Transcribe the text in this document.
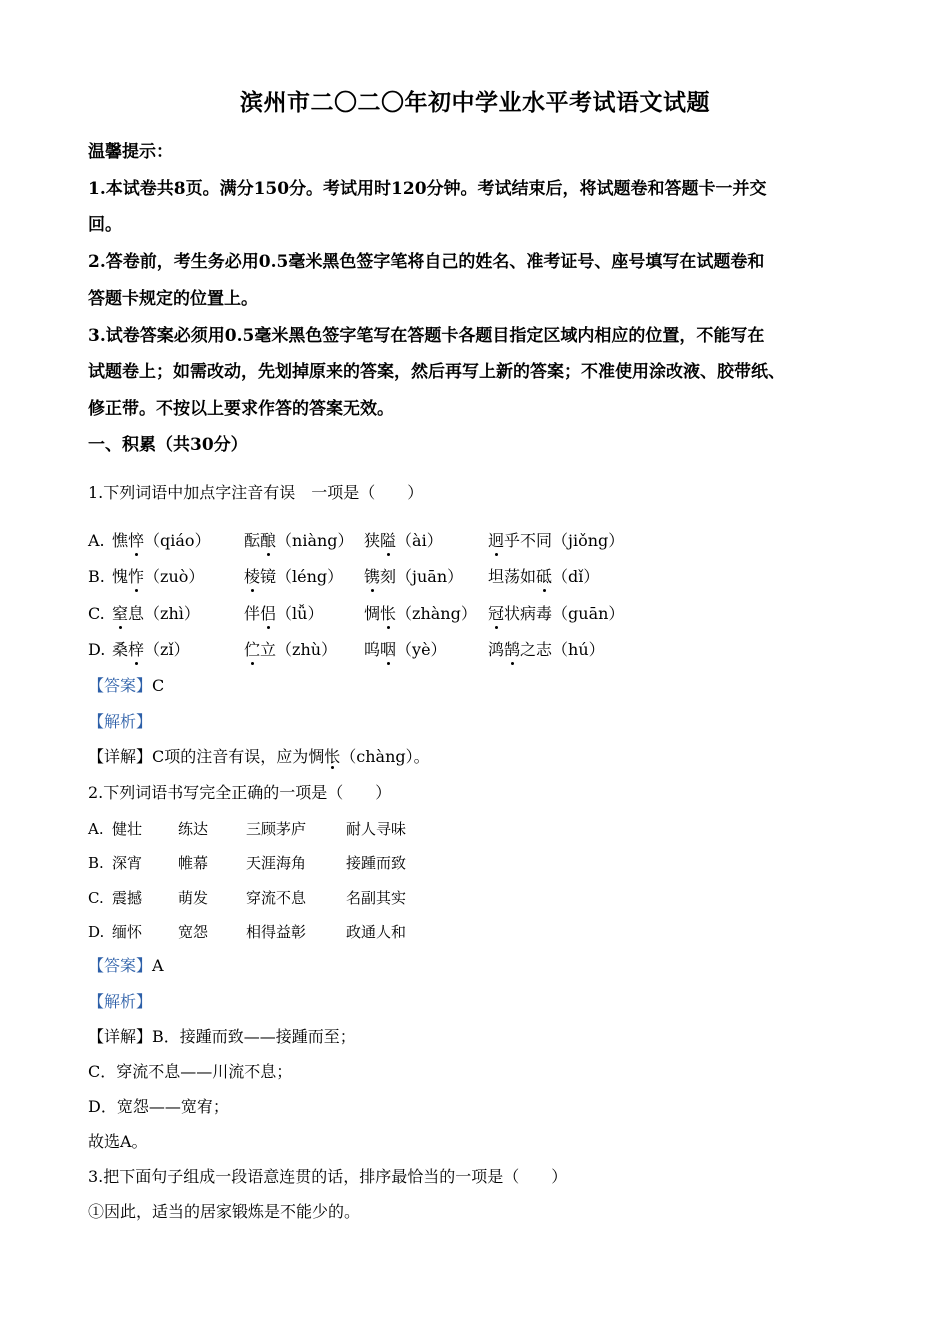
滨州市二〇二〇年初中学业水平考试语文试题
温馨提示：
1.本试卷共8页。满分150分。考试用时120分钟。考试结束后，将试题卷和答题卡一并交
回。
2.答卷前，考生务必用0.5毫米黑色签字笔将自己的姓名、准考证号、座号填写在试题卷和
答题卡规定的位置上。
3.试卷答案必须用0.5毫米黑色签字笔写在答题卡各题目指定区域内相应的位置，不能写在
试题卷上；如需改动，先划掉原来的答案，然后再写上新的答案；不准使用涂改液、胶带纸、
修正带。不按以上要求作答的答案无效。
一、积累（共30分）
1.下列词语中加点字注音有误　一项是（　　）
A. 憔悴（qiáo） 酝酿（niàng） 狭隘（ài）	迥乎不同（jiǒng）
B. 愧怍（zuò） 棱镜（léng） 镌刻（juān） 坦荡如砥（dǐ）
C. 窒息（zhì）	伴侣（lǚ）	惆怅（zhàng） 冠状病毒（guān）
D. 桑梓（zǐ）	伫立（zhù） 呜咽（yè）	鸿鹄之志（hú）
【答案】C
【解析】
【详解】C项的注音有误，应为惆怅（chàng）。
2.下列词语书写完全正确的一项是（　　）
A. 健壮 练达	三顾茅庐	耐人寻味
B. 深宵 帷幕	天涯海角	接踵而致
C. 震撼 萌发	穿流不息	名副其实
D. 缅怀 宽怨	相得益彰	政通人和
【答案】A
【解析】
【详解】B．接踵而致——接踵而至；
C．穿流不息——川流不息；
D．宽怨——宽宥；
故选A。
3.把下面句子组成一段语意连贯的话，排序最恰当的一项是（　　）
①因此，适当的居家锻炼是不能少的。
